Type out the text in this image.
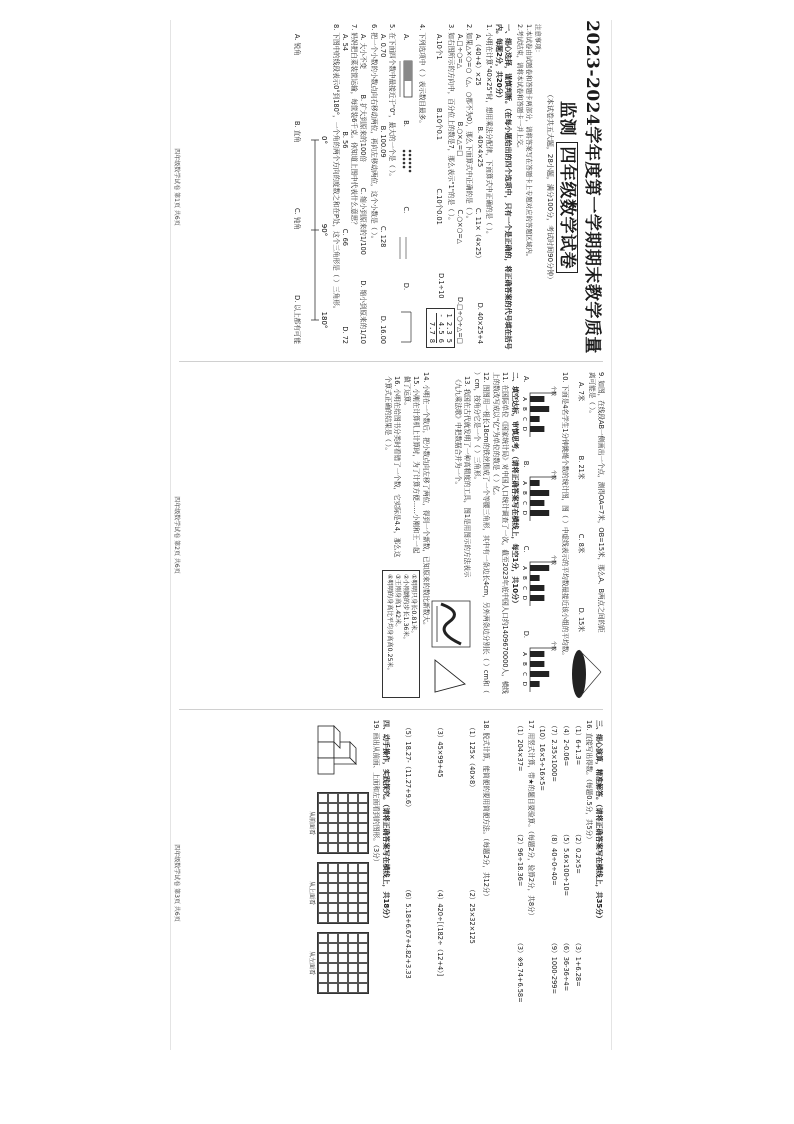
2023-2024学年度第一学期期末教学质量监测 四年级数学试卷
（本试卷共五大题，28小题，满分100分，考试时间90分钟）
注意事项：
1.本试卷由试题卷和答题卡两部分，请将答案写在答题卡上专题对应的答题区域内。
2.考试结束，请将本试卷和答题卡一并上交。
一、细心选择，谨慎判断。（在每小题给出的四个选项中，只有一个是正确的，将正确答案的代号填在括号内。每题2分，共20分）
1. 小明在计算"40×25"时，想用乘法分配律，下面算式中正确的是（ ）。
A.（40+4）×25
B. 40×4×25
C. 11×（4×25）
D. 40×25+4
2. 如果△×○=○（△、○都不为0），那么下面算式中正确的是（ ）。
A.□÷○=△
B.○×△=□
C.○×○=△
D.□÷○÷△=□
3. 如右图所示的方向中，百分位上的数是7，那么表示"1"的是（ ）。
A.10个1
B.10个0.1
C.10个0.01
D.1÷10
1 2.3 5
- 4.5 6
7.7 8
4. 下列选项中（ ）表示数目最多。
A.
B.
C.
D.
5. 在下面四个数中最接近于"0"，最大的一个是（ ）。
A. 0.70
B. 100.09
C. 128
D. 16.00
6. 把一个小数的小数点向右移动两位，再向左移动两位，这个小数是（ ）。
A. 大小不变
B. 扩大到原来的100倍
C. 缩小到原来的1/100
D. 缩小到原来的1/10
7. 妈妈把白菜装筐运输，每筐装6千克。你知道上图中代表什么意思？
A. 54
B. 56
C. 66
D. 72
8. 下图中的线段表示0°到180°，一个角的两个方向的度数之和在P处，这个三角形是（ ）三角形。
0°
90°
180°
A. 锐角
B. 直角
C. 钝角
D. 以上都有可能
四年级数学试卷 第1页 共6页
9. 如图，在线段AB一侧画出一个点，测得OA=7米，OB=15米，那么A、B两点之间的距离可能是（ ）。
A. 7米
B. 21米
C. 8米
D. 15米
10. 下面是4名学生1分钟跳绳个数的统计图，图（ ）中虚线表示的平均数最接近该小组的平均数。
A.
A
B
C
D
个数
B.
A
B
C
D
个数
C.
A
B
C
D
个数
D.
A
B
C
D
个数
二、填空达标，审慎思考。（请将正确答案写在横线上，每空1分，共10分）
11. 在国际单位《国家统计局》对中国人口统计调查了一次，截至2023年底中国人口约1409670000人，横线上的数改写成以"亿"为单位的数是（ ）亿。
12. 图图用一根长18cm的铁丝围成了一个等腰三角形，其中有一条边长4cm，另外两条边分别长（ ）cm和（ ）cm，按角分它是一个（ ）三角形。
13. 我国在古代就发明了一种高精度的工具，图1是用图示的方法表示《九九乘法歌》中把数据合并为一个。
14. 小明在一个数后，把小数点向左移了两位，得到一个新数，已知原来的数比新数大。
15. 小刚在计算机上计算时，为了计算方便……小刚和王一起做了运算。
16. 小明在给图书分类时看错了一个数，它实际是4.4，那么这个算式正确的结果是（ ）。
①明明只身长0.81米。
②小刚跳的步长1.36米。
③王刚身高1.42米。
④明明的身高比平均身高高0.25米。
四年级数学试卷 第2页 共6页
三、细心演算，精准解答。（请将正确答案写在横线上，共35分）
16. 直接写出得数。（每题0.5分，共5分）
（1）6+1.3=
（2）0.2×5=
（3）1+6.28=
（4）2-0.06=
（5）5.6×100÷10=
（6）36-36÷4=
（7）2.35×1000=
（8）40÷0÷40=
（9）1000-299=
（10）16×5÷16×5=
17. 用竖式计算，带★的题目要验算。（每题2分，验算2分，共8分）
（1）204×37=
（2）96÷18.36=
（3）※9.74+6.58=
18. 脱式计算，能简便的要用简便方法。（每题2分，共12分）
（1）125×（40×8）
（2）25×32×125
（3）45×99+45
（4）420÷[（182÷（12+4）]
（5）18.27-（11.27+9.6）
（6）5.18+6.67+4.82+3.33
四、动手操作，实践探究。（请将正确答案写在横线上，共18分）
19. 画出从前面、上面和左面看到的图形。（3分）
从前面看
从上面看
从左面看
四年级数学试卷 第3页 共6页
